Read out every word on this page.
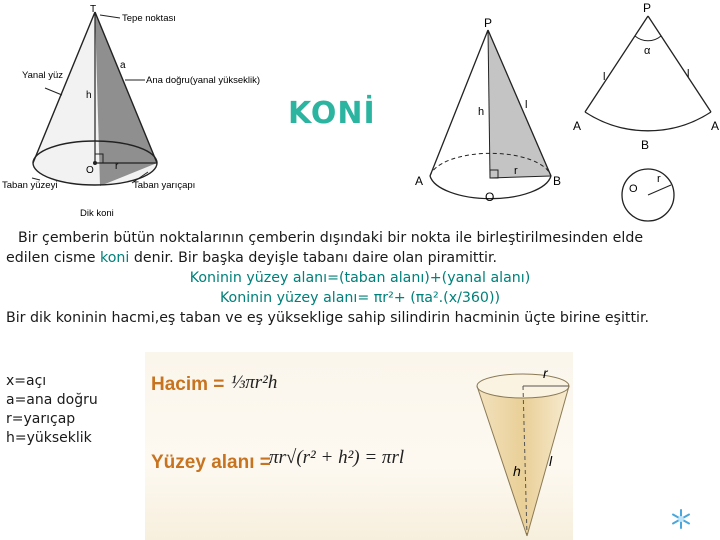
KONİ
T
Tepe noktası
a
Ana doğru(yanal yükseklik)
Yanal yüz
h
O r
Taban yüzeyi	Taban yarıçapı
Dik koni
P
h
l
A	B
O
r
P
α
l	l
A	A
B
O
r
Bir çemberin bütün noktalarının çemberin dışındaki bir nokta ile birleştirilmesinden elde
edilen cisme koni denir. Bir başka deyişle tabanı daire olan piramittir.
Koninin yüzey alanı=(taban alanı)+(yanal alanı)
Koninin yüzey alanı= πr²+ (πa².(x/360))
Bir dik koninin hacmi,eş taban ve eş yükseklige sahip silindirin hacminin üçte birine eşittir.
x=açı
a=ana doğru
r=yarıçap
h=yükseklik
Hacim = ⅓πr²h
Yüzey alanı =
πr√(r² + h²) = πrl
r
h
l
